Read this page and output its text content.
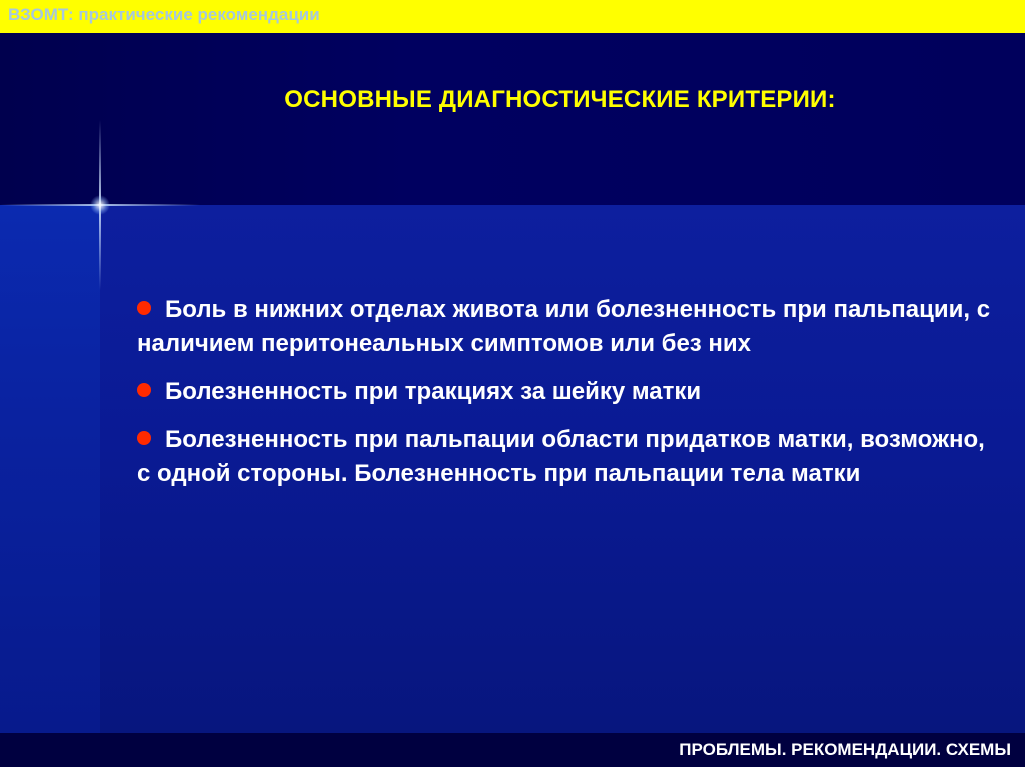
ВЗОМТ: практические рекомендации
ОСНОВНЫЕ ДИАГНОСТИЧЕСКИЕ КРИТЕРИИ:
Боль в нижних отделах живота или болезненность при пальпации, с наличием перитонеальных симптомов или без них
Болезненность при тракциях за шейку матки
Болезненность при пальпации области придатков матки, возможно, с одной стороны. Болезненность при пальпации тела матки
ПРОБЛЕМЫ. РЕКОМЕНДАЦИИ. СХЕМЫ
